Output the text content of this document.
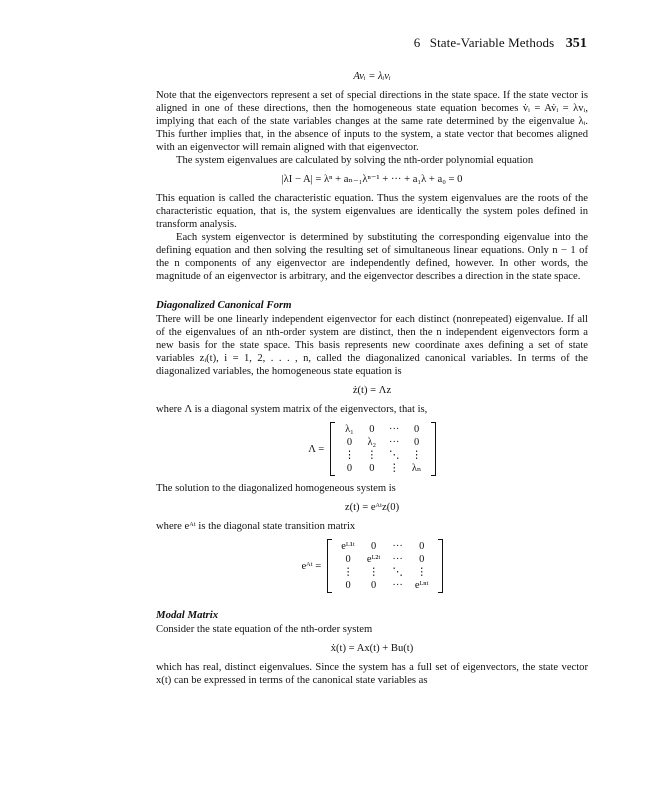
6 State-Variable Methods 351
Avᵢ = λᵢvᵢ

Note that the eigenvectors represent a set of special directions in the state space. If the state vector is aligned in one of these directions, then the homogeneous state equation becomes v̇ᵢ = Av̇ᵢ = λvᵢ, implying that each of the state variables changes at the same rate determined by the eigenvalue λᵢ. This further implies that, in the absence of inputs to the system, a state vector that becomes aligned with an eigenvector will remain aligned with that eigenvector.

The system eigenvalues are calculated by solving the nth-order polynomial equation

|λI − A| = λⁿ + aₙ₋₁λⁿ⁻¹ + ··· + a₁λ + a₀ = 0

This equation is called the characteristic equation. Thus the system eigenvalues are the roots of the characteristic equation, that is, the system eigenvalues are identically the system poles defined in transform analysis.

Each system eigenvector is determined by substituting the corresponding eigenvalue into the defining equation and then solving the resulting set of simultaneous linear equations. Only n − 1 of the n components of any eigenvector are independently defined, however. In other words, the magnitude of an eigenvector is arbitrary, and the eigenvector describes a direction in the state space.

Diagonalized Canonical Form

There will be one linearly independent eigenvector for each distinct (nonrepeated) eigenvalue. If all of the eigenvalues of an nth-order system are distinct, then the n independent eigenvectors form a new basis for the state space. This basis represents new coordinate axes defining a set of state variables zᵢ(t), i = 1, 2, . . . , n, called the diagonalized canonical variables. In terms of the diagonalized variables, the homogeneous state equation is

ż(t) = Λz

where Λ is a diagonal system matrix of the eigenvectors, that is,

Λ =
λ₁	0	···	0
0	λ₂	···	0
⋮	⋮	⋱	⋮
0	0	⋮	λₙ

The solution to the diagonalized homogeneous system is

z(t) = eᴬᵗz(0)

where eᴬᵗ is the diagonal state transition matrix

eᴬᵗ =
eᴸ¹ᵗ	0	···	0
0	eᴸ²ᵗ	···	0
⋮	⋮	⋱	⋮
0	0	···	eᴸⁿᵗ
Modal Matrix

Consider the state equation of the nth-order system

ẋ(t) = Ax(t) + Bu(t)

which has real, distinct eigenvalues. Since the system has a full set of eigenvectors, the state vector x(t) can be expressed in terms of the canonical state variables as
